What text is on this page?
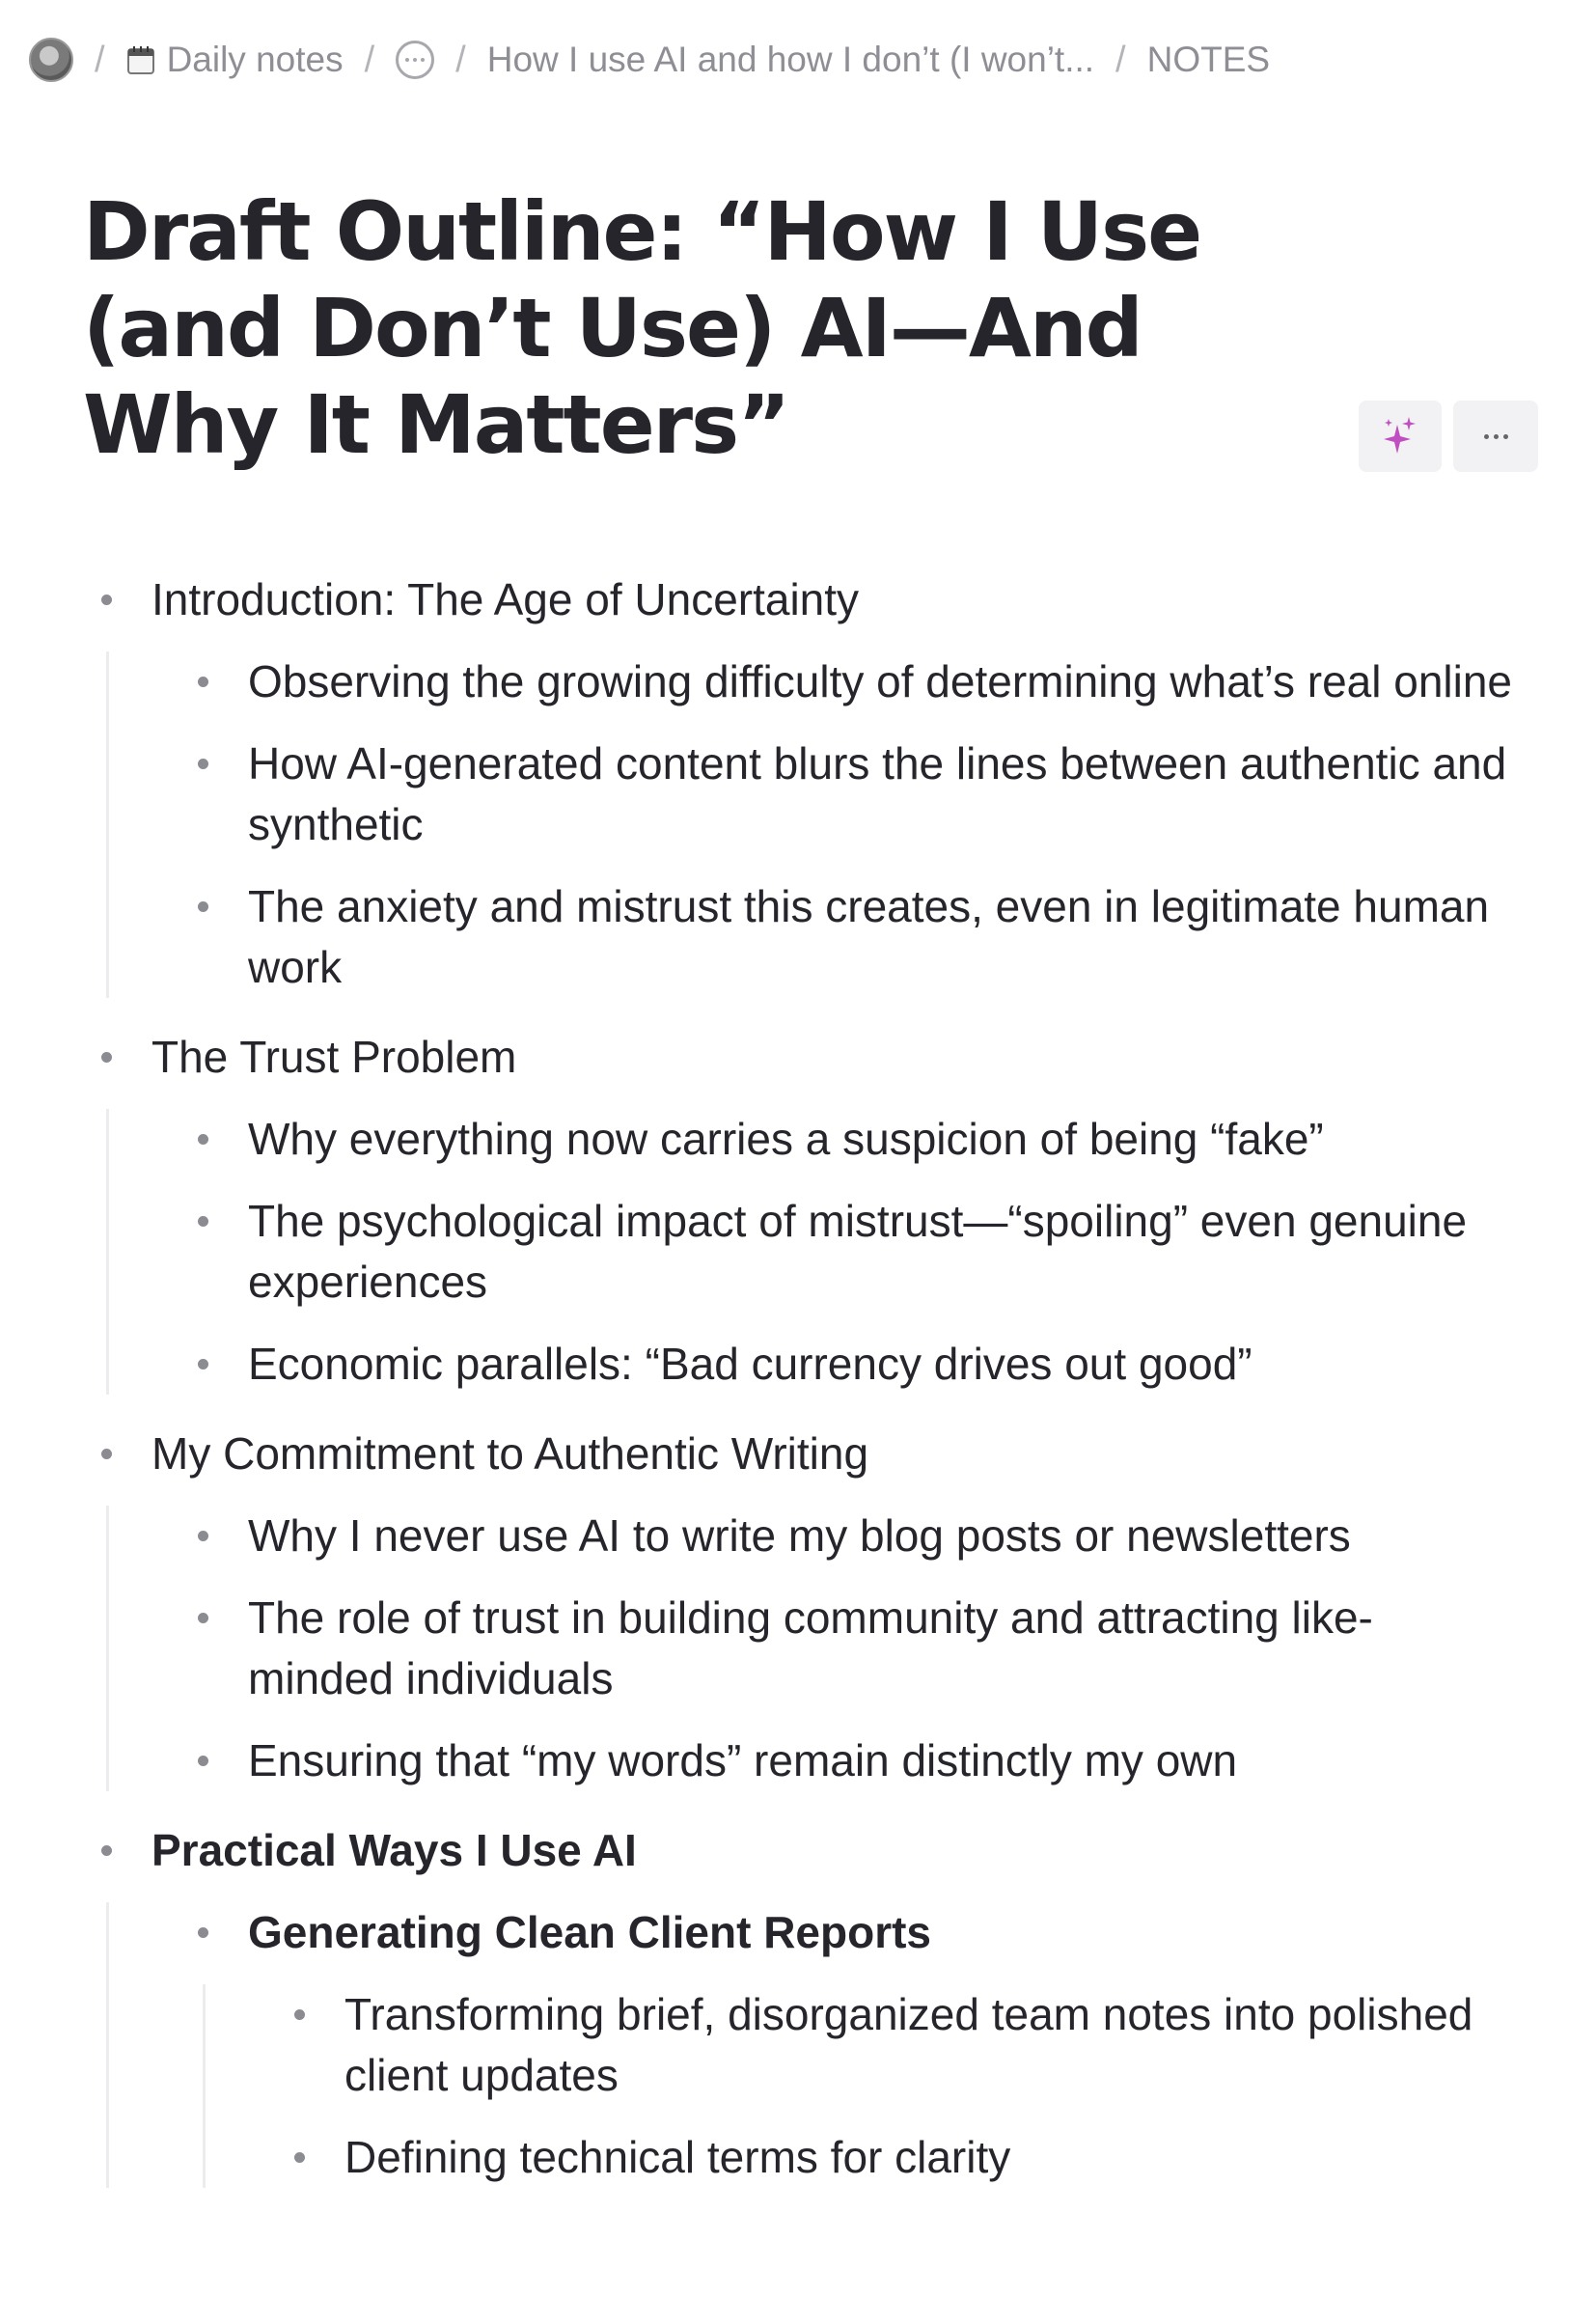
/	Daily notes / / How I use AI and how I don’t (I won’t... / NOTES
Draft Outline: “How I Use (and Don’t Use) AI—And Why It Matters”
Introduction: The Age of Uncertainty
Observing the growing difficulty of determining what’s real online
How AI-generated content blurs the lines between authentic and synthetic
The anxiety and mistrust this creates, even in legitimate human work
The Trust Problem
Why everything now carries a suspicion of being “fake”
The psychological impact of mistrust—“spoiling” even genuine experiences
Economic parallels: “Bad currency drives out good”
My Commitment to Authentic Writing
Why I never use AI to write my blog posts or newsletters
The role of trust in building community and attracting like-minded individuals
Ensuring that “my words” remain distinctly my own
Practical Ways I Use AI
Generating Clean Client Reports
Transforming brief, disorganized team notes into polished client updates
Defining technical terms for clarity
